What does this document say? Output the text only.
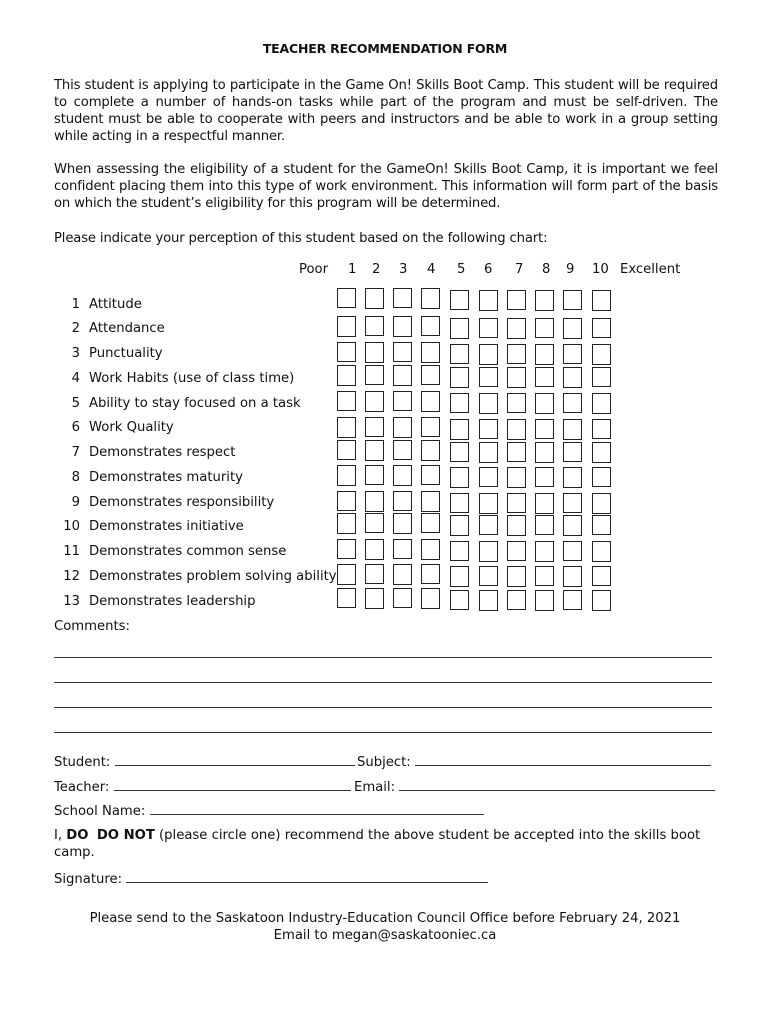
TEACHER RECOMMENDATION FORM
This student is applying to participate in the Game On! Skills Boot Camp. This student will be required to complete a number of hands-on tasks while part of the program and must be self-driven. The student must be able to cooperate with peers and instructors and be able to work in a group setting while acting in a respectful manner.
When assessing the eligibility of a student for the GameOn! Skills Boot Camp, it is important we feel confident placing them into this type of work environment. This information will form part of the basis on which the student’s eligibility for this program will be determined.
Please indicate your perception of this student based on the following chart:
Poor 1 2 3 4 5 6 7 8 9 10 Excellent
1 Attitude
2 Attendance
3 Punctuality
4 Work Habits (use of class time)
5 Ability to stay focused on a task
6 Work Quality
7 Demonstrates respect
8 Demonstrates maturity
9 Demonstrates responsibility
10 Demonstrates initiative
11 Demonstrates common sense
12 Demonstrates problem solving ability
13 Demonstrates leadership
Comments:
Student:	Subject:
Teacher:	Email:
School Name:
I, DO DO NOT (please circle one) recommend the above student be accepted into the skills boot camp.
Signature:
Please send to the Saskatoon Industry-Education Council Office before February 24, 2021
Email to megan@saskatooniec.ca
